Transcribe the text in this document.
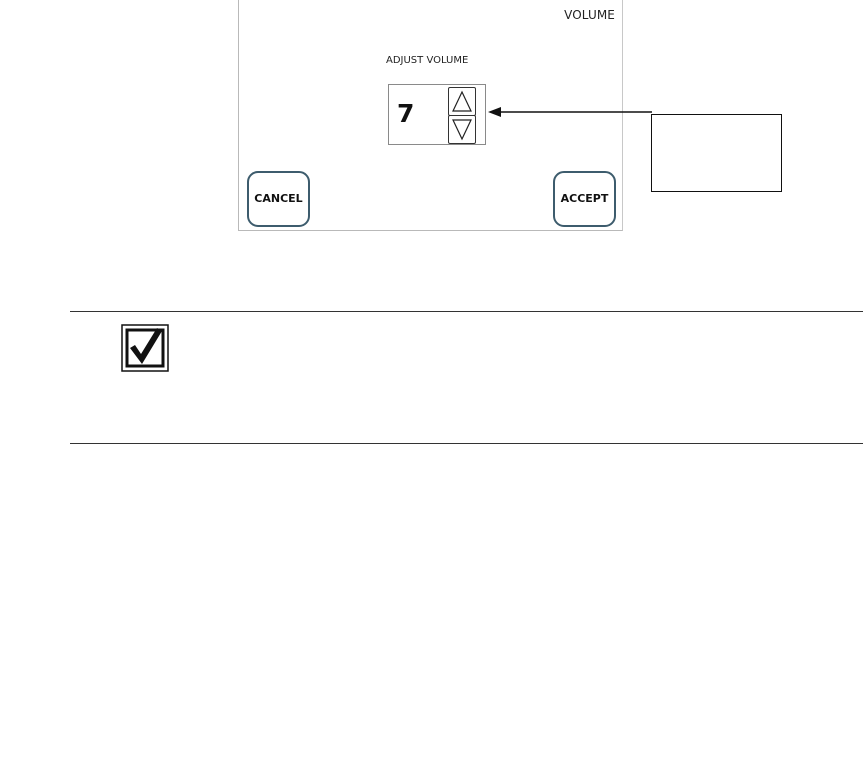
VOLUME
ADJUST VOLUME
7
CANCEL	ACCEPT
